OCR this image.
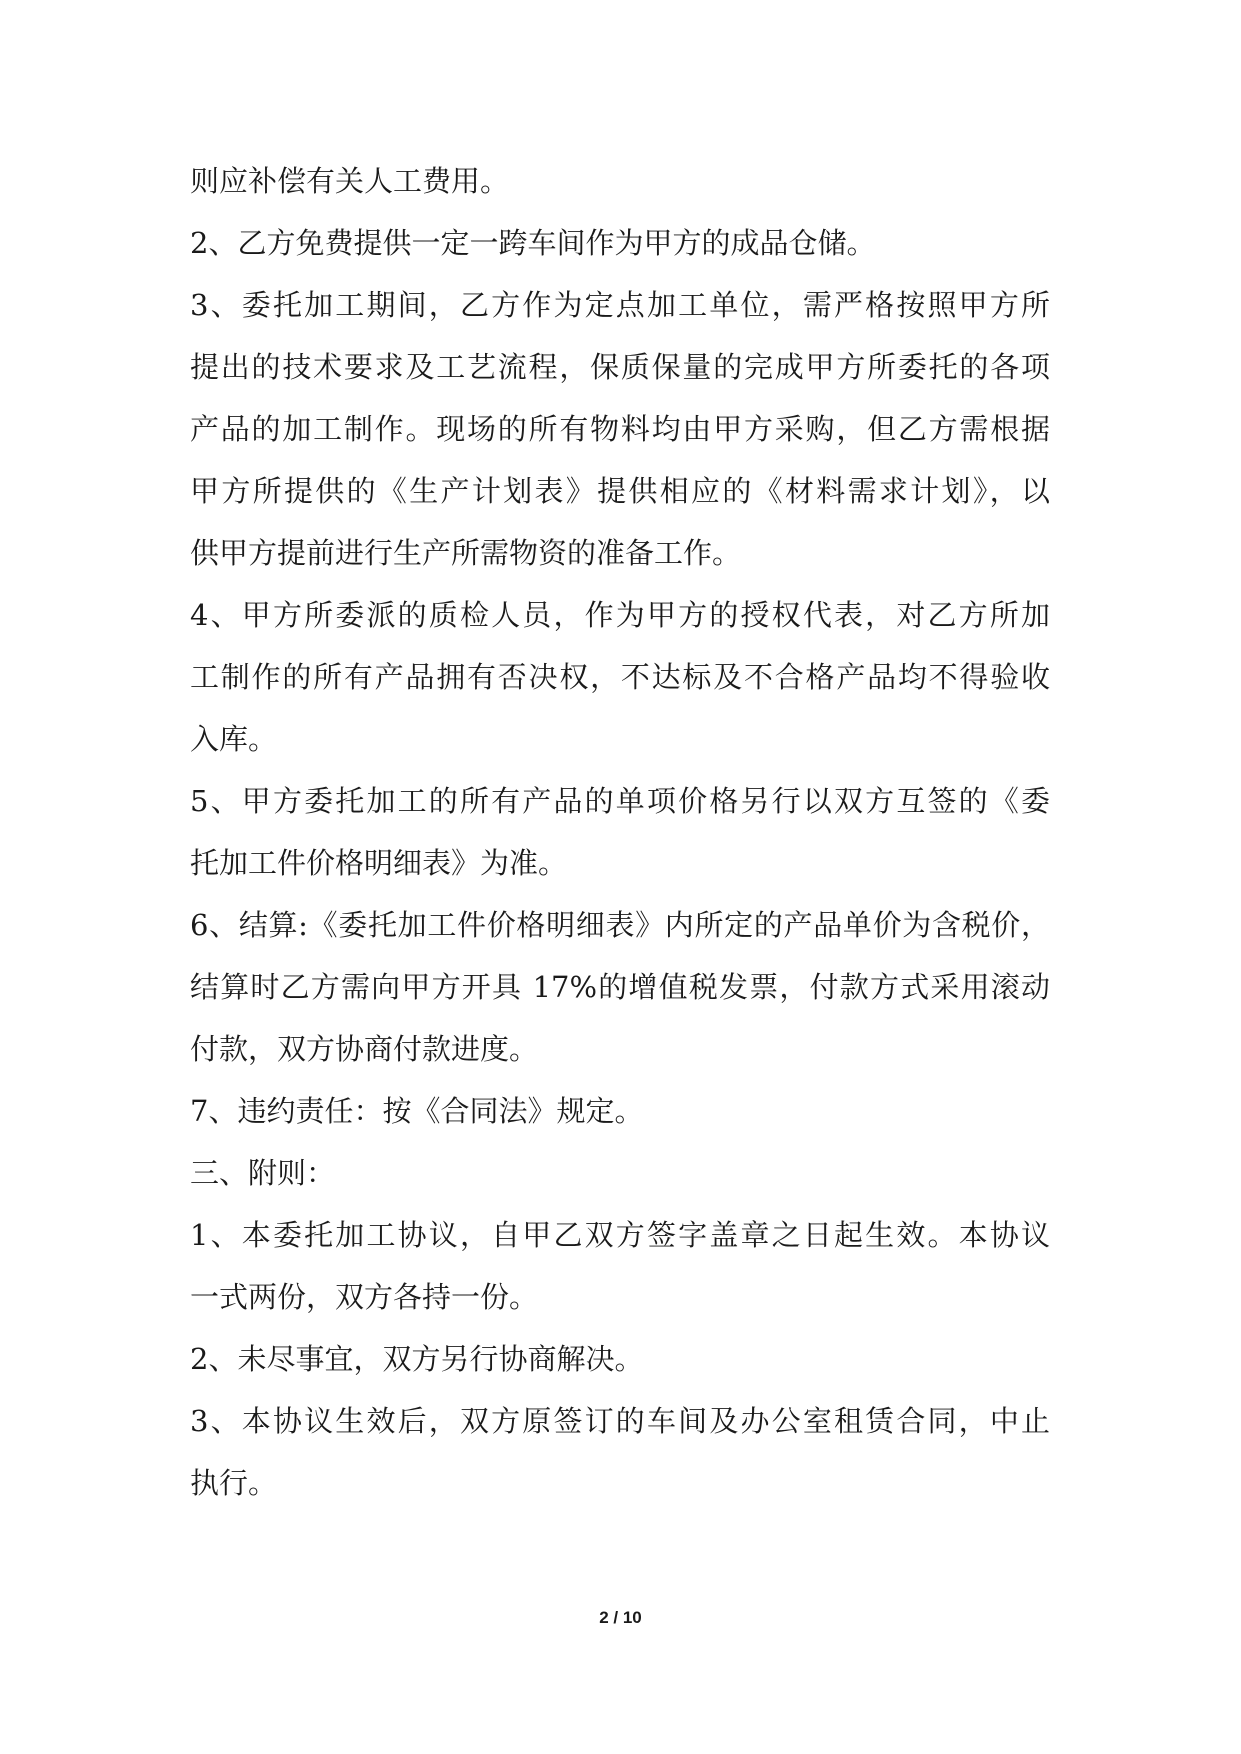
则应补偿有关人工费用。
2、乙方免费提供一定一跨车间作为甲方的成品仓储。
3、委托加工期间，乙方作为定点加工单位，需严格按照甲方所
提出的技术要求及工艺流程，保质保量的完成甲方所委托的各项
产品的加工制作。现场的所有物料均由甲方采购，但乙方需根据
甲方所提供的《生产计划表》提供相应的《材料需求计划》，以
供甲方提前进行生产所需物资的准备工作。
4、甲方所委派的质检人员，作为甲方的授权代表，对乙方所加
工制作的所有产品拥有否决权，不达标及不合格产品均不得验收
入库。
5、甲方委托加工的所有产品的单项价格另行以双方互签的《委
托加工件价格明细表》为准。
6、结算:《委托加工件价格明细表》内所定的产品单价为含税价，
结算时乙方需向甲方开具 17%的增值税发票，付款方式采用滚动
付款，双方协商付款进度。
7、违约责任：按《合同法》规定。
三、附则：
1、本委托加工协议，自甲乙双方签字盖章之日起生效。本协议
一式两份，双方各持一份。
2、未尽事宜，双方另行协商解决。
3、本协议生效后，双方原签订的车间及办公室租赁合同，中止
执行。
2 / 10
